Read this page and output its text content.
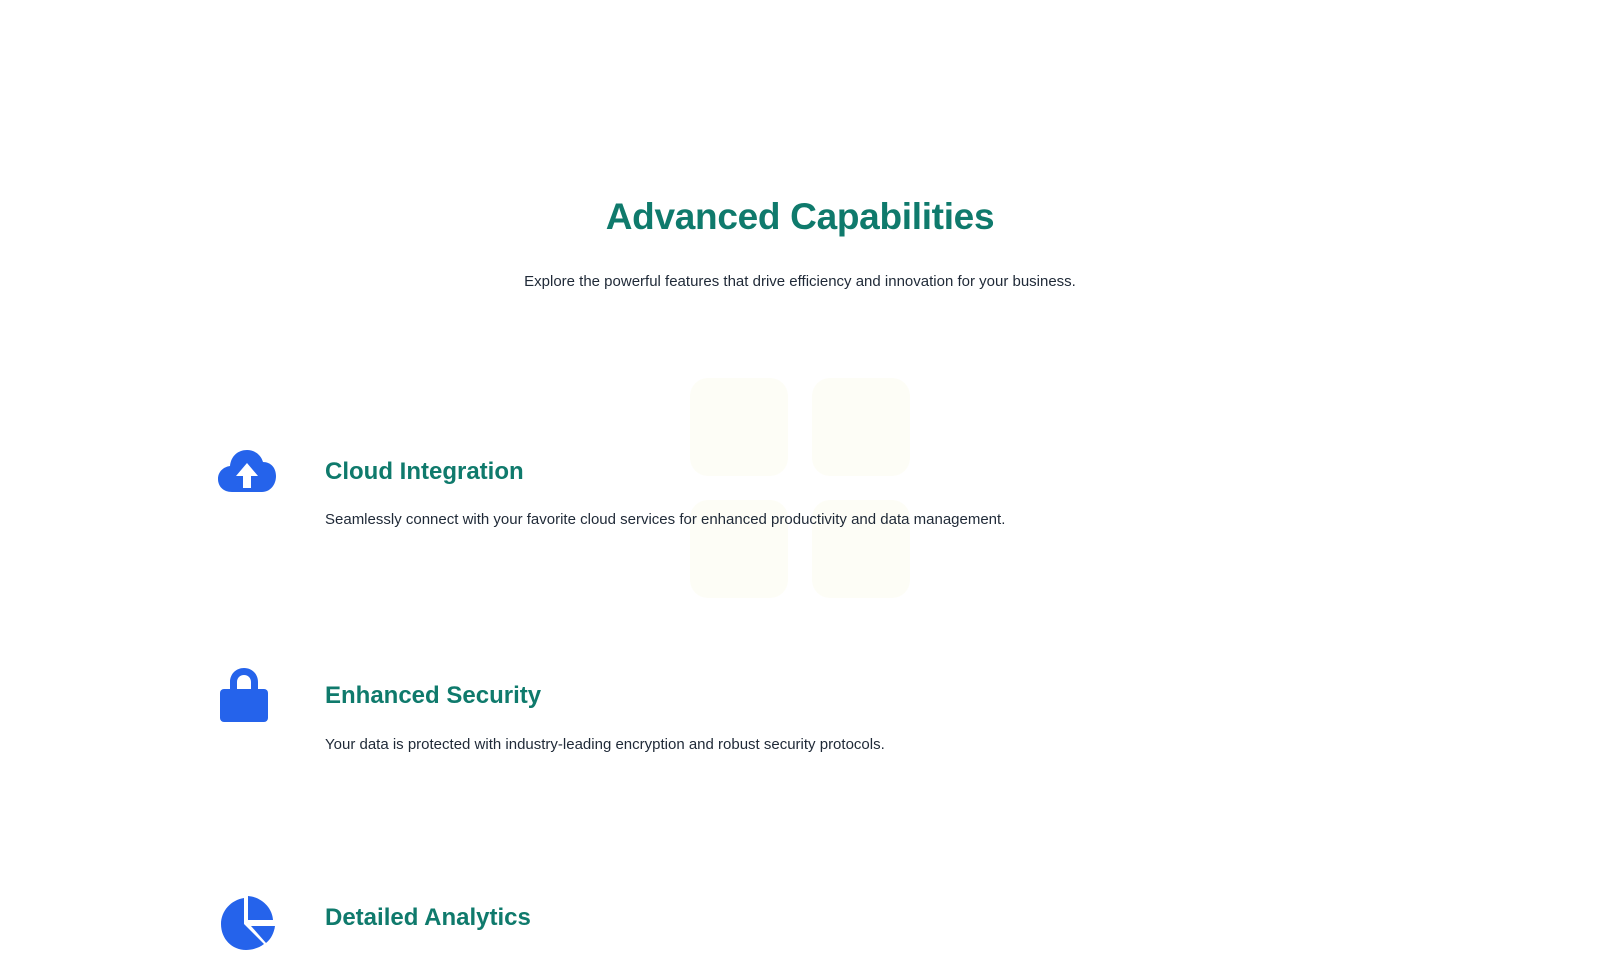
Advanced Capabilities

Explore the powerful features that drive efficiency and innovation for your business.

Cloud Integration

Seamlessly connect with your favorite cloud services for enhanced productivity and data management.

Enhanced Security

Your data is protected with industry-leading encryption and robust security protocols.

Detailed Analytics
